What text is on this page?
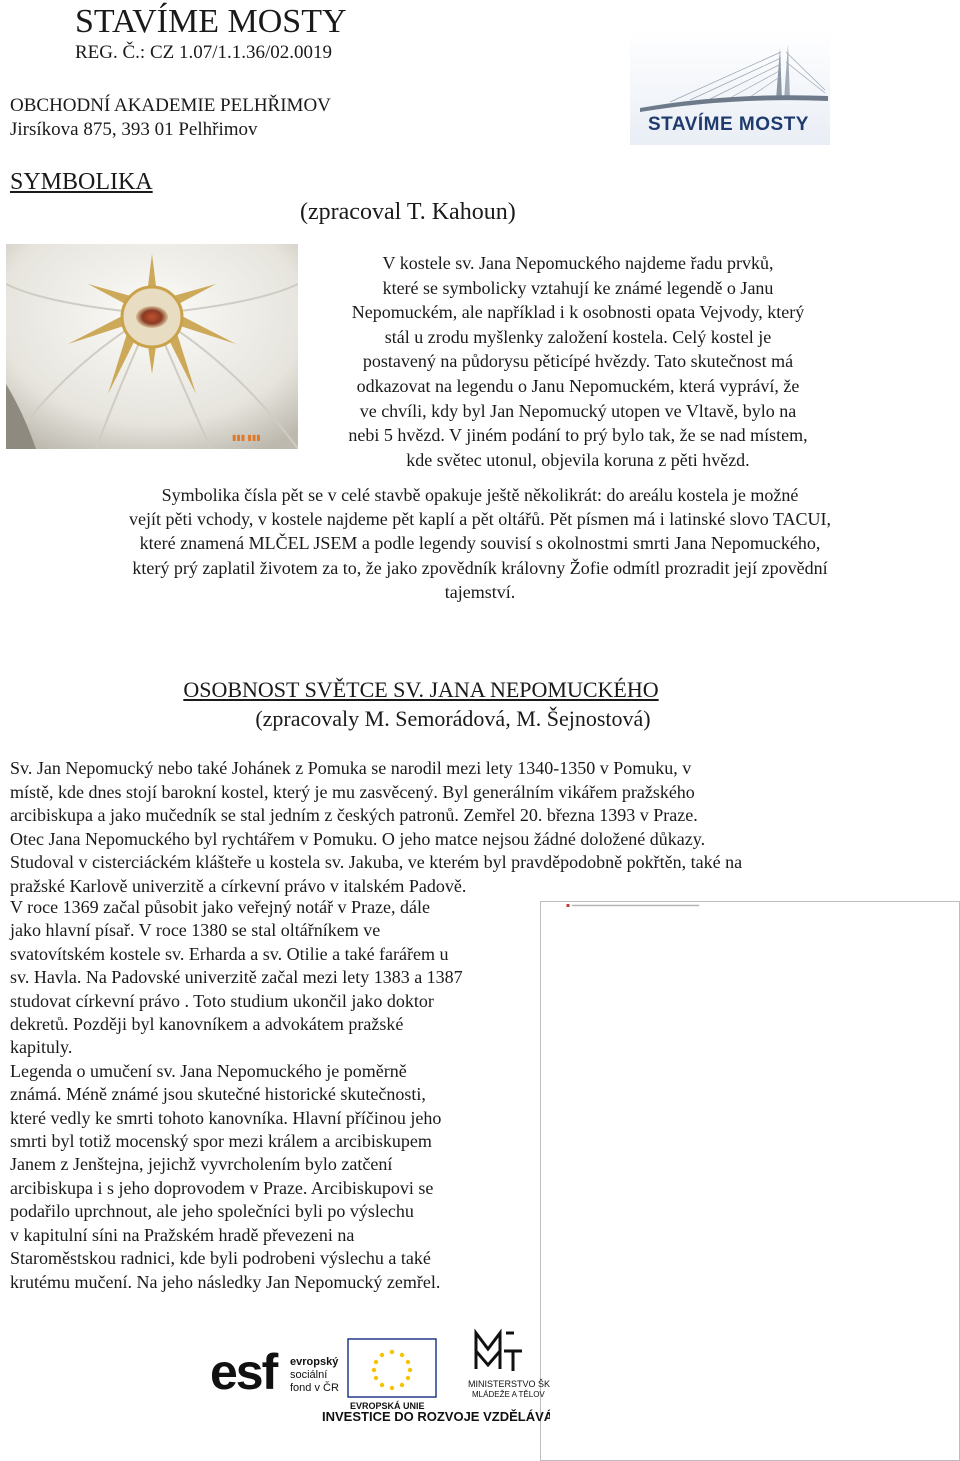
STAVÍME MOSTY
REG. Č.: CZ 1.07/1.1.36/02.0019
OBCHODNÍ AKADEMIE PELHŘIMOV
Jirsíkova 875, 393 01 Pelhřimov	STAVÍME MOSTY
SYMBOLIKA
(zpracoval T. Kahoun)
▮▮▮ ▮▮▮
V kostele sv. Jana Nepomuckého najdeme řadu prvků,
které se symbolicky vztahují ke známé legendě o Janu
Nepomuckém, ale například i k osobnosti opata Vejvody, který
stál u zrodu myšlenky založení kostela. Celý kostel je
postavený na půdorysu pěticípé hvězdy. Tato skutečnost má
odkazovat na legendu o Janu Nepomuckém, která vypráví, že
ve chvíli, kdy byl Jan Nepomucký utopen ve Vltavě, bylo na
nebi 5 hvězd. V jiném podání to prý bylo tak, že se nad místem,
kde světec utonul, objevila koruna z pěti hvězd.
Symbolika čísla pět se v celé stavbě opakuje ještě několikrát: do areálu kostela je možné
vejít pěti vchody, v kostele najdeme pět kaplí a pět oltářů. Pět písmen má i latinské slovo TACUI,
které znamená MLČEL JSEM a podle legendy souvisí s okolnostmi smrti Jana Nepomuckého,
který prý zaplatil životem za to, že jako zpovědník královny Žofie odmítl prozradit její zpovědní
tajemství.
OSOBNOST SVĚTCE SV. JANA NEPOMUCKÉHO
(zpracovaly M. Semorádová, M. Šejnostová)
Sv. Jan Nepomucký nebo také Johánek z Pomuka se narodil mezi lety 1340-1350 v Pomuku, v
místě, kde dnes stojí barokní kostel, který je mu zasvěcený. Byl generálním vikářem pražského
arcibiskupa a jako mučedník se stal jedním z českých patronů. Zemřel 20. března 1393 v Praze.
Otec Jana Nepomuckého byl rychtářem v Pomuku. O jeho matce nejsou žádné doložené důkazy.
Studoval v cisterciáckém klášteře u kostela sv. Jakuba, ve kterém byl pravděpodobně pokřtěn, také na
pražské Karlově univerzitě a církevní právo v italském Padově.
V roce 1369 začal působit jako veřejný notář v Praze, dále
jako hlavní písař. V roce 1380 se stal oltářníkem ve
svatovítském kostele sv. Erharda a sv. Otilie a také farářem u
sv. Havla. Na Padovské univerzitě začal mezi lety 1383 a 1387
studovat církevní právo . Toto studium ukončil jako doktor
dekretů. Později byl kanovníkem a advokátem pražské
kapituly.
Legenda o umučení sv. Jana Nepomuckého je poměrně
známá. Méně známé jsou skutečné historické skutečnosti,
které vedly ke smrti tohoto kanovníka. Hlavní příčinou jeho
smrti byl totiž mocenský spor mezi králem a arcibiskupem
Janem z Jenštejna, jejichž vyvrcholením bylo zatčení
arcibiskupa i s jeho doprovodem v Praze. Arcibiskupovi se
podařilo uprchnout, ale jeho společníci byli po výslechu
v kapitulní síni na Pražském hradě převezeni na
Staroměstskou radnici, kde byli podrobeni výslechu a také
krutému mučení. Na jeho následky Jan Nepomucký zemřel.
esf evropský
sociální
fond v ČR
EVROPSKÁ UNIE
MINISTERSTVO ŠKO
MLÁDEŽE A TĚLOV
INVESTICE DO ROZVOJE VZDĚLÁVÁ
